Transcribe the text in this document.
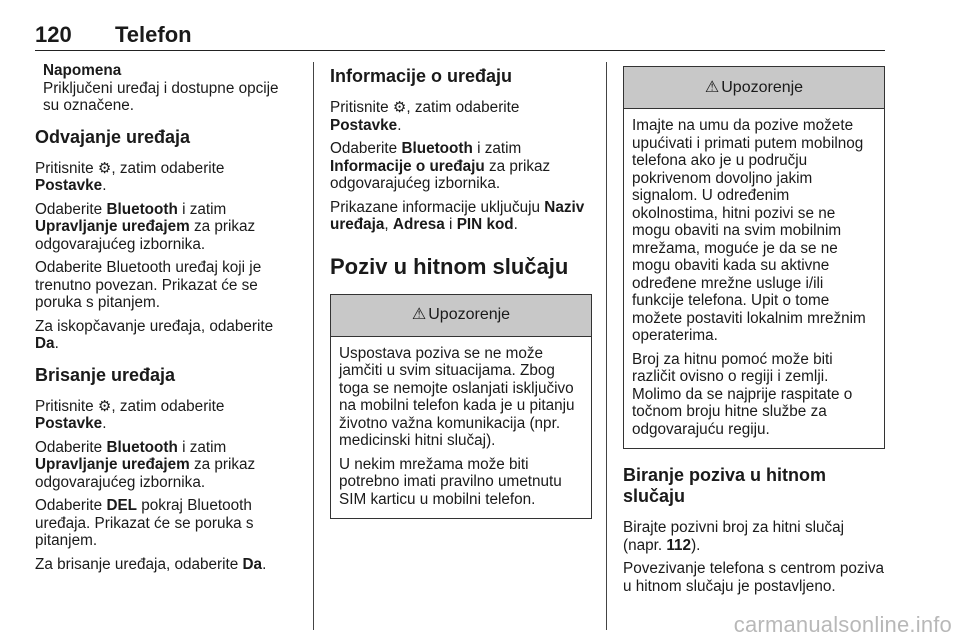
120 Telefon
Napomena
Priključeni uređaj i dostupne opcije su označene.
Odvajanje uređaja

Pritisnite ⚙, zatim odaberite Postavke.

Odaberite Bluetooth i zatim Upravljanje uređajem za prikaz odgovarajućeg izbornika.

Odaberite Bluetooth uređaj koji je trenutno povezan. Prikazat će se poruka s pitanjem.

Za iskopčavanje uređaja, odaberite Da.

Brisanje uređaja

Pritisnite ⚙, zatim odaberite Postavke.

Odaberite Bluetooth i zatim Upravljanje uređajem za prikaz odgovarajućeg izbornika.

Odaberite DEL pokraj Bluetooth uređaja. Prikazat će se poruka s pitanjem.

Za brisanje uređaja, odaberite Da.

Informacije o uređaju

Pritisnite ⚙, zatim odaberite Postavke.

Odaberite Bluetooth i zatim Informacije o uređaju za prikaz odgovarajućeg izbornika.

Prikazane informacije uključuju Naziv uređaja, Adresa i PIN kod.

Poziv u hitnom slučaju
⚠ Upozorenje

Uspostava poziva se ne može jamčiti u svim situacijama. Zbog toga se nemojte oslanjati isključivo na mobilni telefon kada je u pitanju životno važna komunikacija (npr. medicinski hitni slučaj).

U nekim mrežama može biti potrebno imati pravilno umetnutu SIM karticu u mobilni telefon.

⚠ Upozorenje

Imajte na umu da pozive možete upućivati i primati putem mobilnog telefona ako je u području pokrivenom dovoljno jakim signalom. U određenim okolnostima, hitni pozivi se ne mogu obaviti na svim mobilnim mrežama, moguće je da se ne mogu obaviti kada su aktivne određene mrežne usluge i/ili funkcije telefona. Upit o tome možete postaviti lokalnim mrežnim operaterima.

Broj za hitnu pomoć može biti različit ovisno o regiji i zemlji. Molimo da se najprije raspitate o točnom broju hitne službe za odgovarajuću regiju.

Biranje poziva u hitnom slučaju

Birajte pozivni broj za hitni slučaj (napr. 112).

Povezivanje telefona s centrom poziva u hitnom slučaju je postavljeno.

carmanualsonline.info
